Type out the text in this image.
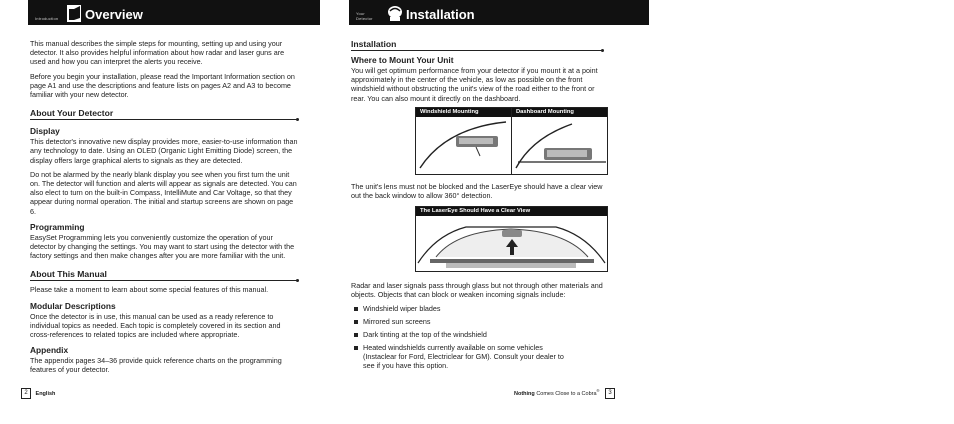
Introduction Overview

This manual describes the simple steps for mounting, setting up and using your detector. It also provides helpful information about how radar and laser guns are used and how you can interpret the alerts you receive.

Before you begin your installation, please read the Important Information section on page A1 and use the descriptions and feature lists on pages A2 and A3 to become familiar with your new detector.

About Your Detector
Display

This detector's innovative new display provides more, easier-to-use information than any technology to date. Using an OLED (Organic Light Emitting Diode) screen, the display offers large graphical alerts to signals as they are detected.

Do not be alarmed by the nearly blank display you see when you first turn the unit on. The detector will function and alerts will appear as signals are detected. You can also elect to turn on the built-in Compass, IntelliMute and Car Voltage, so that they appear during normal operation. The initial and startup screens are shown on page 6.

Programming

EasySet Programming lets you conveniently customize the operation of your detector by changing the settings. You may want to start using the detector with the factory settings and then make changes after you are more familiar with the unit.

About This Manual

Please take a moment to learn about some special features of this manual.

Modular Descriptions

Once the detector is in use, this manual can be used as a ready reference to individual topics as needed. Each topic is completely covered in its section and cross-references to related topics are included where appropriate.

Appendix

The appendix pages 34–36 provide quick reference charts on the programming features of your detector.

2 English
Your Detector	Installation
Installation
Where to Mount Your Unit

You will get optimum performance from your detector if you mount it at a point approximately in the center of the vehicle, as low as possible on the front windshield without obstructing the unit's view of the road either to the front or rear. You can also mount it directly on the dashboard.

Windshield Mounting	Dashboard Mounting

The unit's lens must not be blocked and the LaserEye should have a clear view out the back window to allow 360° detection.

The LaserEye Should Have a Clear View

Radar and laser signals pass through glass but not through other materials and objects. Objects that can block or weaken incoming signals include:

Windshield wiper blades
Mirrored sun screens
Dark tinting at the top of the windshield
Heated windshields currently available on some vehicles (Instaclear for Ford, Electriclear for GM). Consult your dealer to see if you have this option.
Nothing Comes Close to a Cobra® 3
